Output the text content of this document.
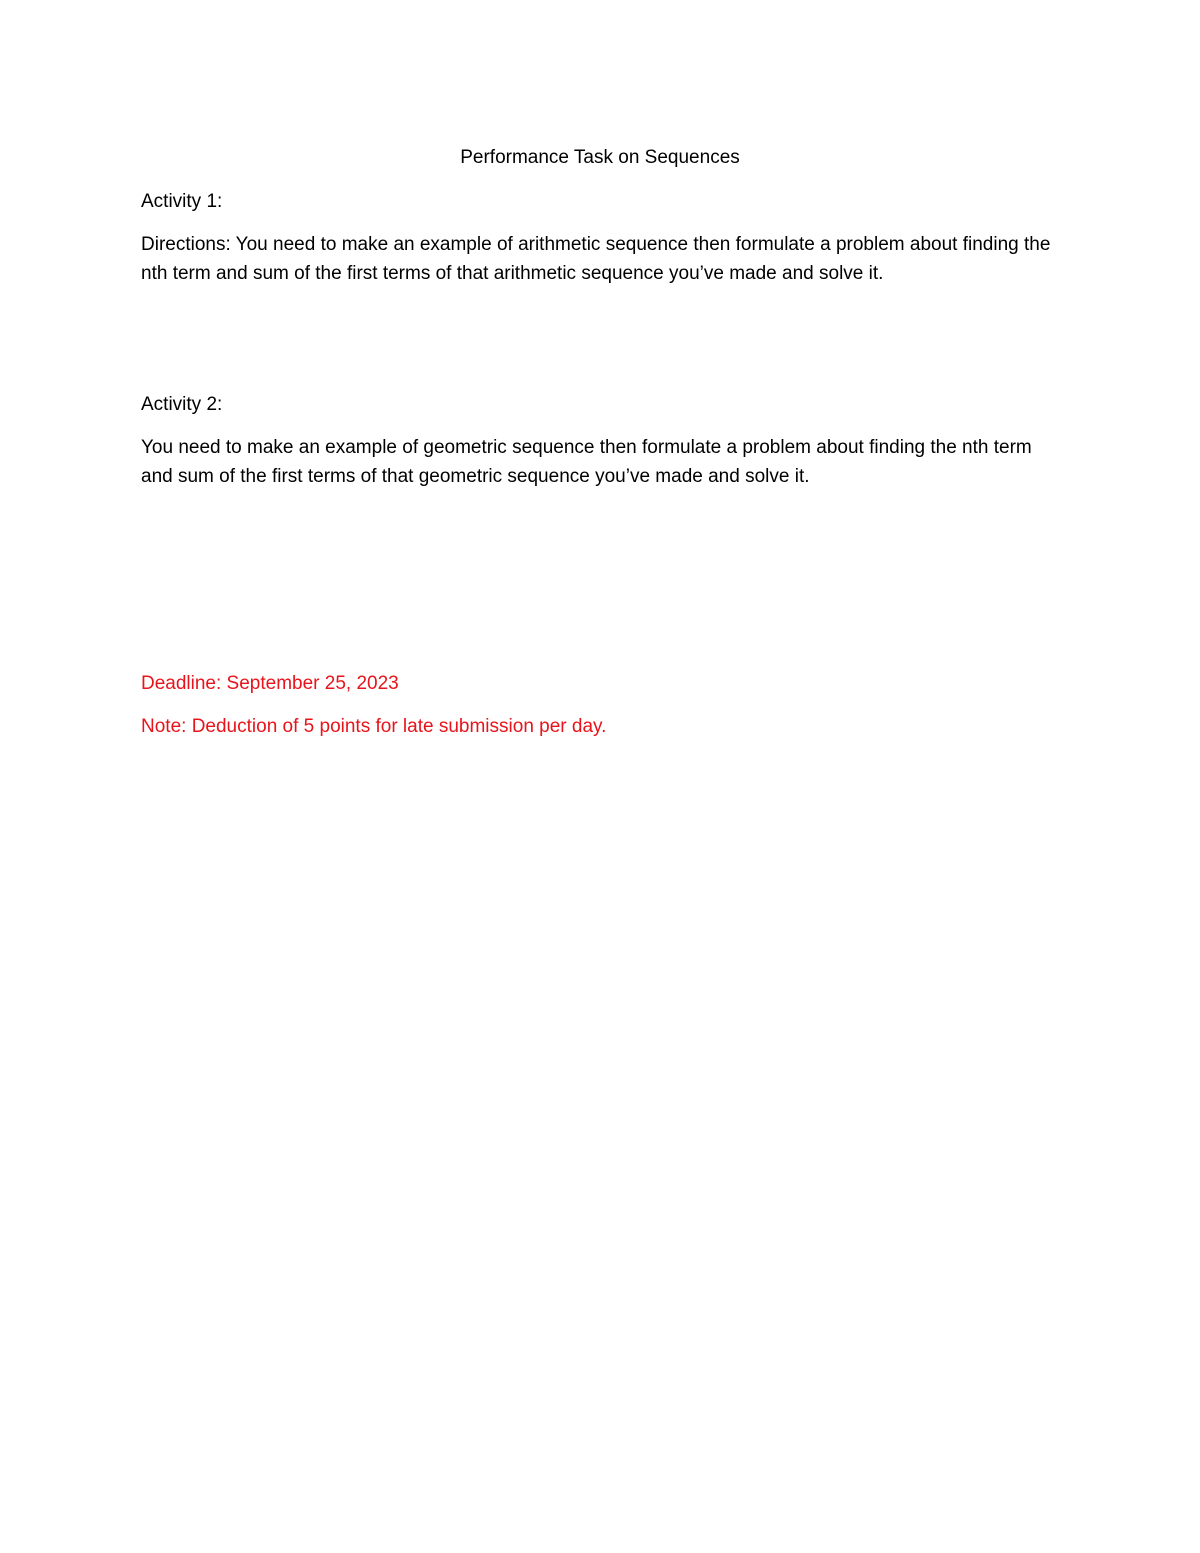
Performance Task on Sequences
Activity 1:

Directions: You need to make an example of arithmetic sequence then formulate a problem about finding the nth term and sum of the first terms of that arithmetic sequence you’ve made and solve it.

Activity 2:

You need to make an example of geometric sequence then formulate a problem about finding the nth term and sum of the first terms of that geometric sequence you’ve made and solve it.

Deadline: September 25, 2023
Note: Deduction of 5 points for late submission per day.
